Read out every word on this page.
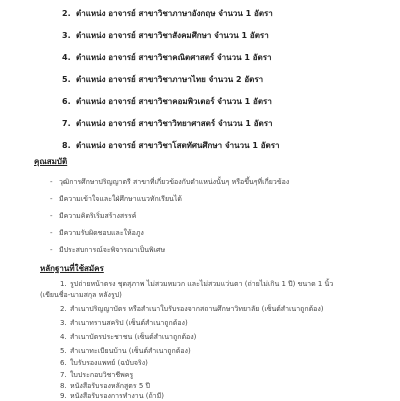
2. ตำแหน่ง อาจารย์ สาขาวิชาภาษาอังกฤษ จำนวน 1 อัตรา
3. ตำแหน่ง อาจารย์ สาขาวิชาสังคมศึกษา จำนวน 1 อัตรา
4. ตำแหน่ง อาจารย์ สาขาวิชาคณิตศาสตร์ จำนวน 1 อัตรา
5. ตำแหน่ง อาจารย์ สาขาวิชาภาษาไทย จำนวน 2 อัตรา
6. ตำแหน่ง อาจารย์ สาขาวิชาคอมพิวเตอร์ จำนวน 1 อัตรา
7. ตำแหน่ง อาจารย์ สาขาวิชาวิทยาศาสตร์ จำนวน 1 อัตรา
8. ตำแหน่ง อาจารย์ สาขาวิชาโสตทัศนศึกษา จำนวน 1 อัตรา
คุณสมบัติ
- วุฒิการศึกษาปริญญาตรี สาขาที่เกี่ยวข้องกับตำแหน่งนั้นๆ หรือขึ้นๆที่เกี่ยวข้อง
- มีความเข้าใจและใฝ่ศึกษาแนวทักเรียนได้
- มีความคิดริเริ่มสร้างสรรค์
- มีความรับผิดชอบและให้อภูง
- มีประสบการณ์จะพิจารณาเป็นพิเศษ
หลักฐานที่ใช้สมัคร
1. รูปถ่ายหน้าตรง ชุดสุภาพ ไม่สวมหมวก และไม่สวมแว่นตา (ถ่ายไม่เกิน 1 ปี) ขนาด 1 นิ้ว
(เขียนชื่อ-นามสกุล หลังรูป)
2. สำเนาปริญญาบัตร หรือสำเนาใบรับรองจากสถานศึกษาวิทยาลัย (เซ็นต์สำเนาถูกต้อง)
3. สำเนาทรานสคริป (เซ็นต์สำเนาถูกต้อง)
4. สำเนาบัตรประชาชน (เซ็นต์สำเนาถูกต้อง)
5. สำเนาทะเบียนบ้าน (เซ็นต์สำเนาถูกต้อง)
6. ใบรับรองแพทย์ (ฉบับจริง)
7. ใบประกอบวิชาชีพครู
8. หนังสือรับรองหลักสูตร 5 ปี
9. หนังสือรับรองการทำงาน (ถ้ามี)
